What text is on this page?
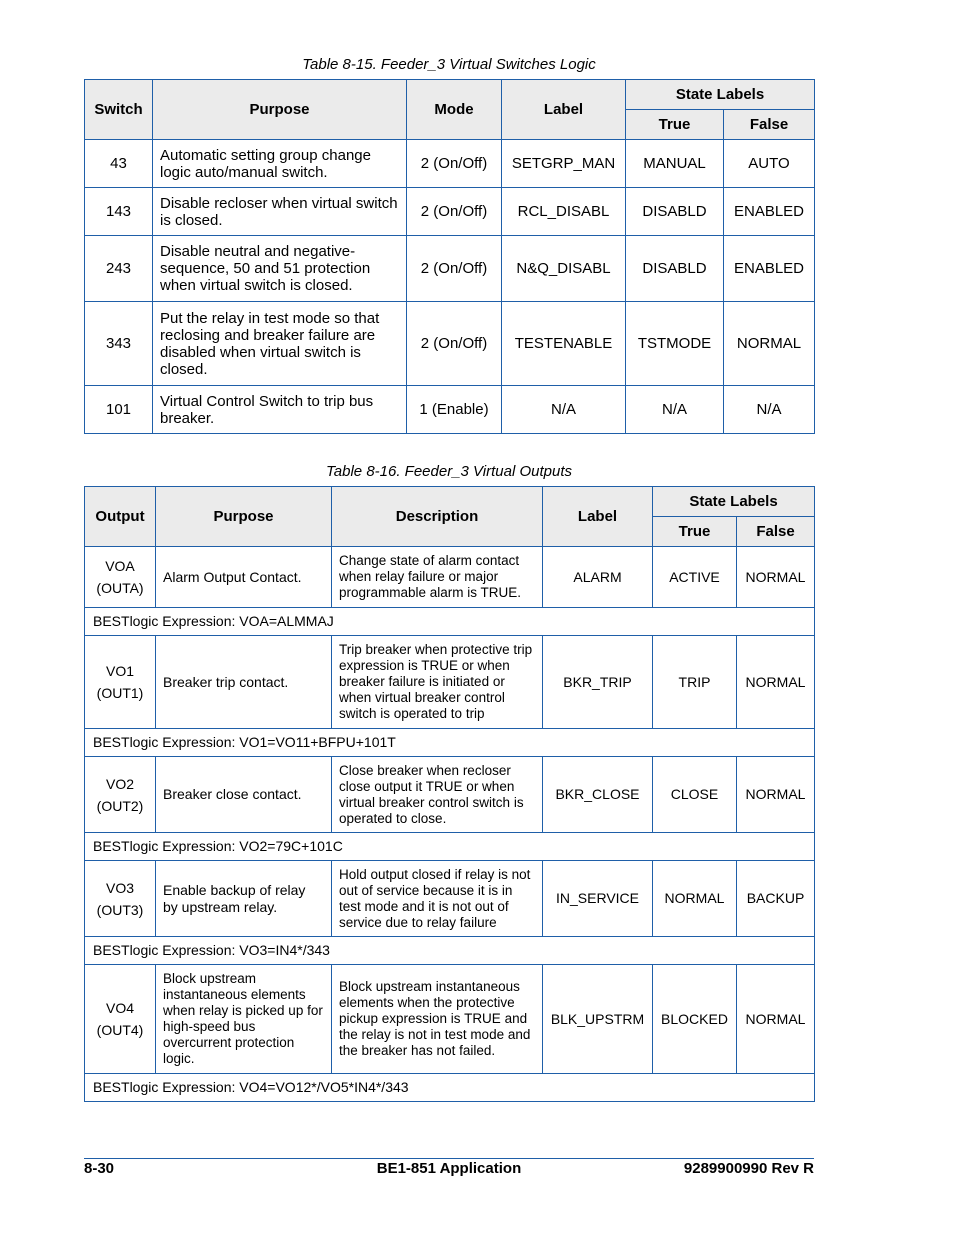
Table 8-15. Feeder_3 Virtual Switches Logic
Switch	Purpose	Mode	Label	State Labels	
				True	False
43	Automatic setting group change logic auto/manual switch.	2 (On/Off)	SETGRP_MAN	MANUAL	AUTO
143	Disable recloser when virtual switch is closed.	2 (On/Off)	RCL_DISABL	DISABLD	ENABLED
243	Disable neutral and negative-sequence, 50 and 51 protection when virtual switch is closed.	2 (On/Off)	N&Q_DISABL	DISABLD	ENABLED
343	Put the relay in test mode so that reclosing and breaker failure are disabled when virtual switch is closed.	2 (On/Off)	TESTENABLE	TSTMODE	NORMAL
101	Virtual Control Switch to trip bus breaker.	1 (Enable)	N/A	N/A	N/A
Table 8-16. Feeder_3 Virtual Outputs
Output	Purpose	Description	Label	State Labels	
				True	False

VOA
(OUTA)	Alarm Output Contact.	Change state of alarm contact when relay failure or major programmable alarm is TRUE.	ALARM	ACTIVE	NORMAL
BESTlogic Expression: VOA=ALMMAJ					

VO1
(OUT1)	Breaker trip contact.	Trip breaker when protective trip expression is TRUE or when breaker failure is initiated or when virtual breaker control switch is operated to trip	BKR_TRIP	TRIP	NORMAL
BESTlogic Expression: VO1=VO11+BFPU+101T					

VO2
(OUT2)	Breaker close contact.	Close breaker when recloser close output it TRUE or when virtual breaker control switch is operated to close.	BKR_CLOSE	CLOSE	NORMAL
BESTlogic Expression: VO2=79C+101C					

VO3
(OUT3)	Enable backup of relay by upstream relay.	Hold output closed if relay is not out of service because it is in test mode and it is not out of service due to relay failure	IN_SERVICE	NORMAL	BACKUP
BESTlogic Expression: VO3=IN4*/343					

VO4
(OUT4)	Block upstream instantaneous elements when relay is picked up for high-speed bus overcurrent protection logic.	Block upstream instantaneous elements when the protective pickup expression is TRUE and the relay is not in test mode and the breaker has not failed.	BLK_UPSTRM	BLOCKED	NORMAL
BESTlogic Expression: VO4=VO12*/VO5*IN4*/343					
8-30	BE1-851 Application	9289900990 Rev R
